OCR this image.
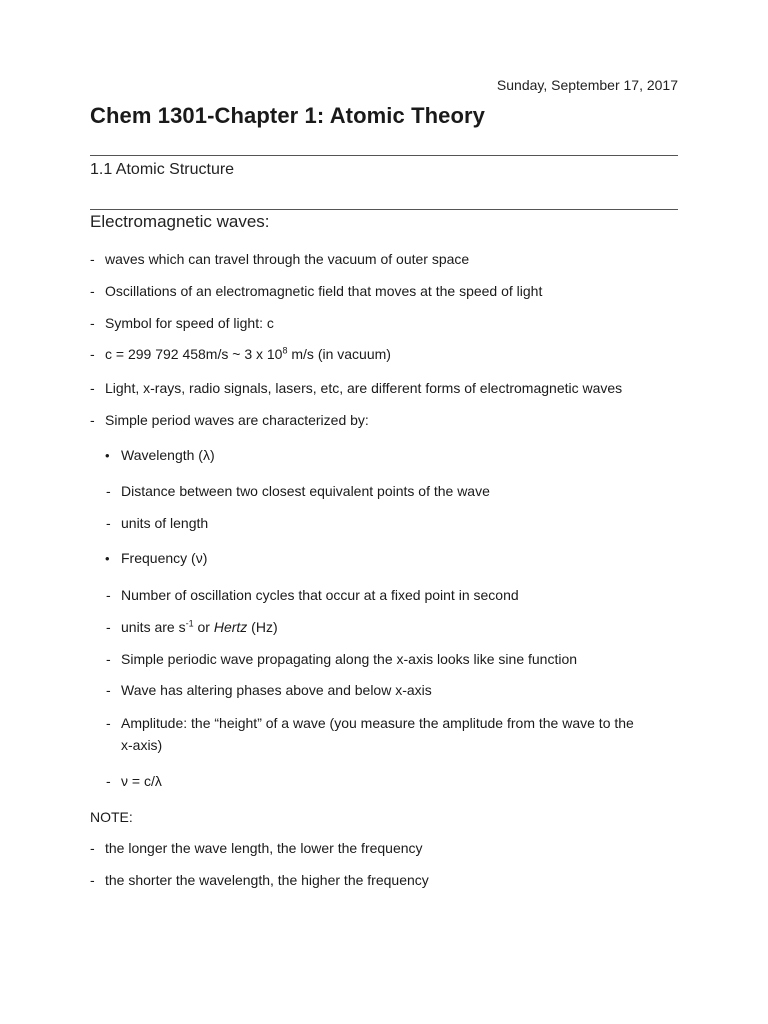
Sunday, September 17, 2017
Chem 1301-Chapter 1: Atomic Theory
1.1 Atomic Structure
Electromagnetic waves:
- waves which can travel through the vacuum of outer space
- Oscillations of an electromagnetic field that moves at the speed of light
- Symbol for speed of light: c
- c = 299 792 458m/s ~ 3 x $10^8$ m/s (in vacuum)
- Light, x-rays, radio signals, lasers, etc, are different forms of electromagnetic waves
- Simple period waves are characterized by:
• Wavelength (λ)
- Distance between two closest equivalent points of the wave
- units of length
• Frequency (ν)
- Number of oscillation cycles that occur at a fixed point in second
- units are $s^{-1}$ or Hertz (Hz)
- Simple periodic wave propagating along the x-axis looks like sine function
- Wave has altering phases above and below x-axis
- Amplitude: the “height” of a wave (you measure the amplitude from the wave to the
x-axis)
- ν = c/λ
NOTE:
- the longer the wave length, the lower the frequency
- the shorter the wavelength, the higher the frequency
